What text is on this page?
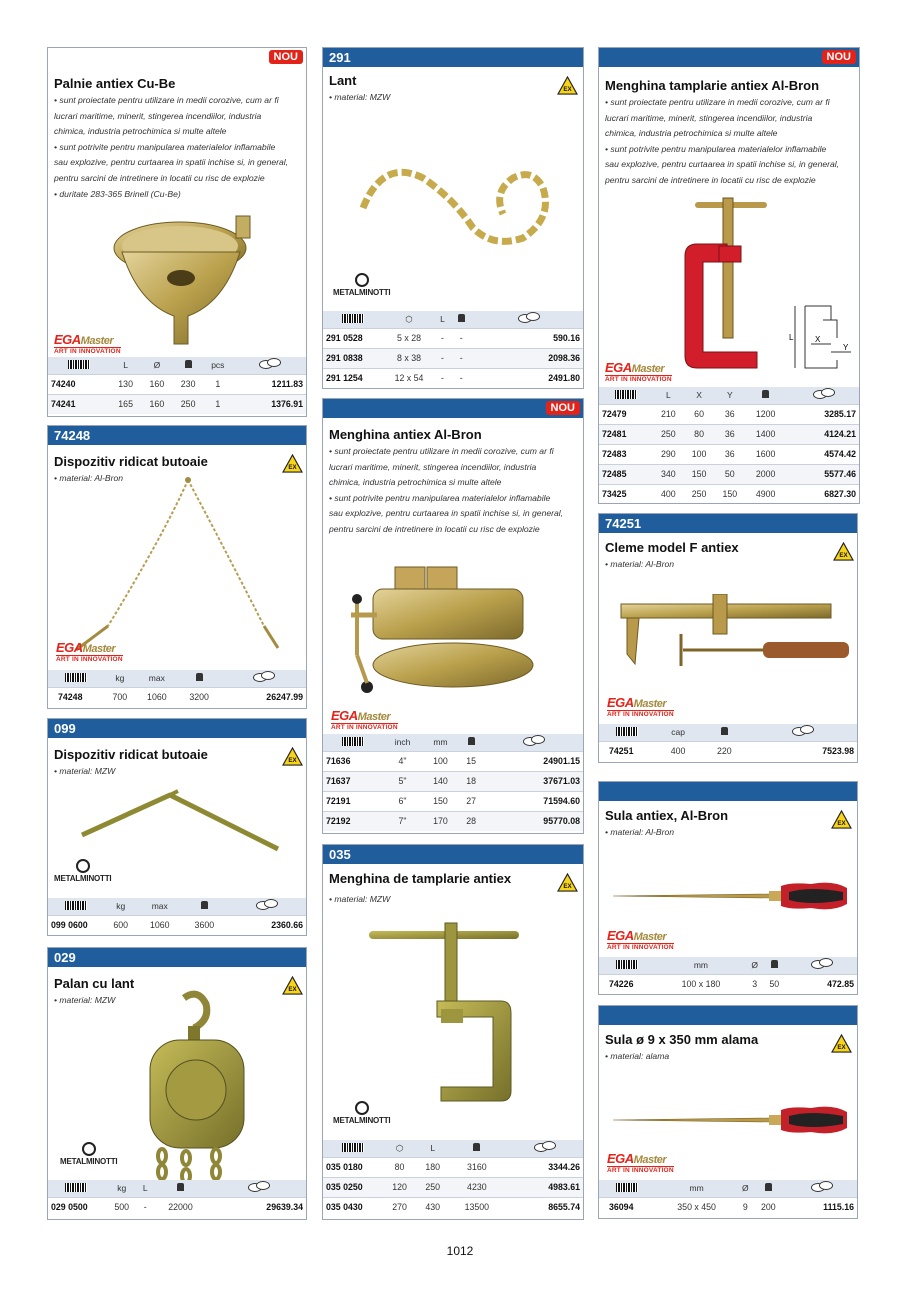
NOU
Palnie antiex Cu-Be
• sunt proiectate pentru utilizare in medii corozive, cum ar fi
lucrari maritime, minerit, stingerea incendiilor, industria
chimica, industria petrochimica si multe altele
• sunt potrivite pentru manipularea materialelor inflamabile
sau explozive, pentru curtaarea in spatii inchise si, in general,
pentru sarcini de intretinere in locatii cu risc de explozie
• duritate 283-365 Brinell (Cu-Be)
EGAMaster
ART IN INNOVATION
	L	Ø		pcs	
74240	130	160	230	1	1211.83
74241	165	160	250	1	1376.91
74248
Dispozitiv ridicat butoaie
• material: Al-Bron
EGAMaster
ART IN INNOVATION
	kg	max		
74248	700	1060	3200	26247.99
099
Dispozitiv ridicat butoaie
• material: MZW
METALMINOTTI
	kg	max		
099 0600	600	1060	3600	2360.66
029
Palan cu lant
• material: MZW
METALMINOTTI
	kg	L		
029 0500	500	-	22000	29639.34
291
Lant
• material: MZW
METALMINOTTI
	⬡	L		
291 0528	5 x 28	-	-	590.16
291 0838	8 x 38	-	-	2098.36
291 1254	12 x 54	-	-	2491.80
NOU
Menghina antiex Al-Bron
• sunt proiectate pentru utilizare in medii corozive, cum ar fi
lucrari maritime, minerit, stingerea incendiilor, industria
chimica, industria petrochimica si multe altele
• sunt potrivite pentru manipularea materialelor inflamabile
sau explozive, pentru curtaarea in spatii inchise si, in general,
pentru sarcini de intretinere in locatii cu risc de explozie
EGAMaster
ART IN INNOVATION
	inch	mm		
71636	4"	100	15	24901.15
71637	5"	140	18	37671.03
72191	6"	150	27	71594.60
72192	7"	170	28	95770.08
035
Menghina de tamplarie antiex
• material: MZW
METALMINOTTI
	⬡	L		
035 0180	80	180	3160	3344.26
035 0250	120	250	4230	4983.61
035 0430	270	430	13500	8655.74
NOU
Menghina tamplarie antiex Al-Bron
• sunt proiectate pentru utilizare in medii corozive, cum ar fi
lucrari maritime, minerit, stingerea incendiilor, industria
chimica, industria petrochimica si multe altele
• sunt potrivite pentru manipularea materialelor inflamabile
sau explozive, pentru curtaarea in spatii inchise si, in general,
pentru sarcini de intretinere in locatii cu risc de explozie
L	X
Y
EGAMaster
ART IN INNOVATION
	L	X	Y		
72479	210	60	36	1200	3285.17
72481	250	80	36	1400	4124.21
72483	290	100	36	1600	4574.42
72485	340	150	50	2000	5577.46
73425	400	250	150	4900	6827.30
74251
Cleme model F antiex
• material: Al-Bron
EGAMaster
ART IN INNOVATION
	cap		
74251	400	220	7523.98
Sula antiex, Al-Bron
• material: Al-Bron
EGAMaster
ART IN INNOVATION
	mm	Ø		
74226	100 x 180	3	50	472.85
Sula ø 9 x 350 mm alama
• material: alama
EGAMaster
ART IN INNOVATION
	mm	Ø		
36094	350 x 450	9	200	1115.16
1012
